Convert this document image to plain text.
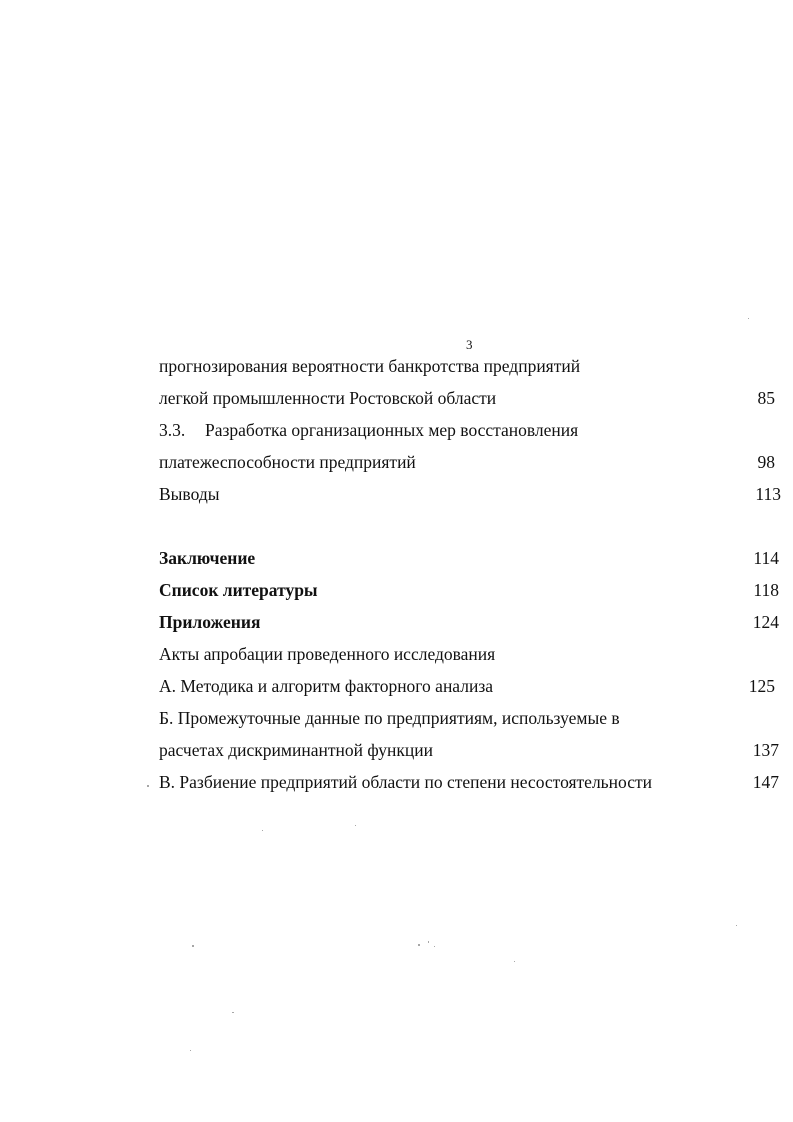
3
прогнозирования вероятности банкротства предприятий
легкой промышленности Ростовской области	85
3.3. Разработка организационных мер восстановления
платежеспособности предприятий	98
Выводы	113
Заключение	114
Список литературы	118
Приложения	124
Акты апробации проведенного исследования
А. Методика и алгоритм факторного анализа	125
Б. Промежуточные данные по предприятиям, используемые в
расчетах дискриминантной функции	137
В. Разбиение предприятий области по степени несостоятельности	147
